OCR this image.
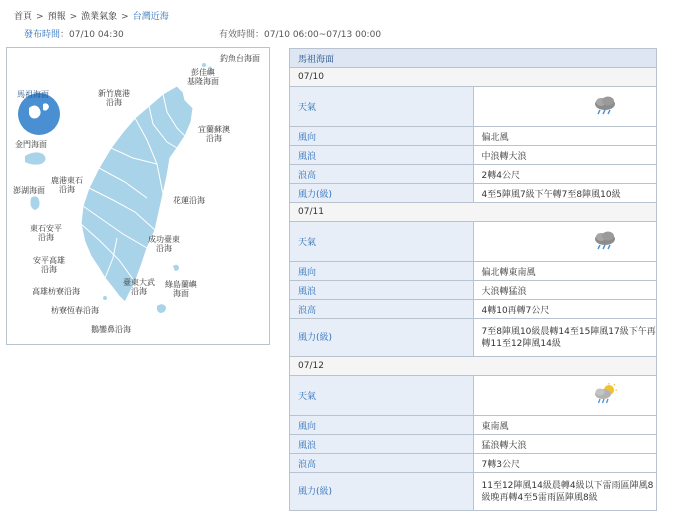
首頁 > 預報 > 漁業氣象 > 台灣近海
發布時間：07/10 04:30	有效時間：07/10 06:00~07/13 00:00
馬祖海面
金門海面
釣魚台海面
彭佳嶼
基隆海面
新竹鹿港
沿海
宜蘭蘇澳
沿海
鹿港東石
沿海
澎湖海面
花蓮沿海
東石安平
沿海	成功臺東
沿海
安平高雄
沿海
臺東大武
沿海
綠島蘭嶼
海面
高雄枋寮沿海
枋寮恆春沿海
鵝鑾鼻沿海
馬祖海面	
07/10	
天氣	
風向	偏北風
風浪	中浪轉大浪
浪高	2轉4公尺
風力(級)	4至5陣風7級下午轉7至8陣風10級
07/11	
天氣	
風向	偏北轉東南風
風浪	大浪轉猛浪
浪高	4轉10再轉7公尺
風力(級)	7至8陣風10級晨轉14至15陣風17級下午再轉11至12陣風14級
07/12	
天氣	
風向	東南風
風浪	猛浪轉大浪
浪高	7轉3公尺
風力(級)	11至12陣風14級晨轉4級以下雷雨區陣風8級晚再轉4至5雷雨區陣風8級
